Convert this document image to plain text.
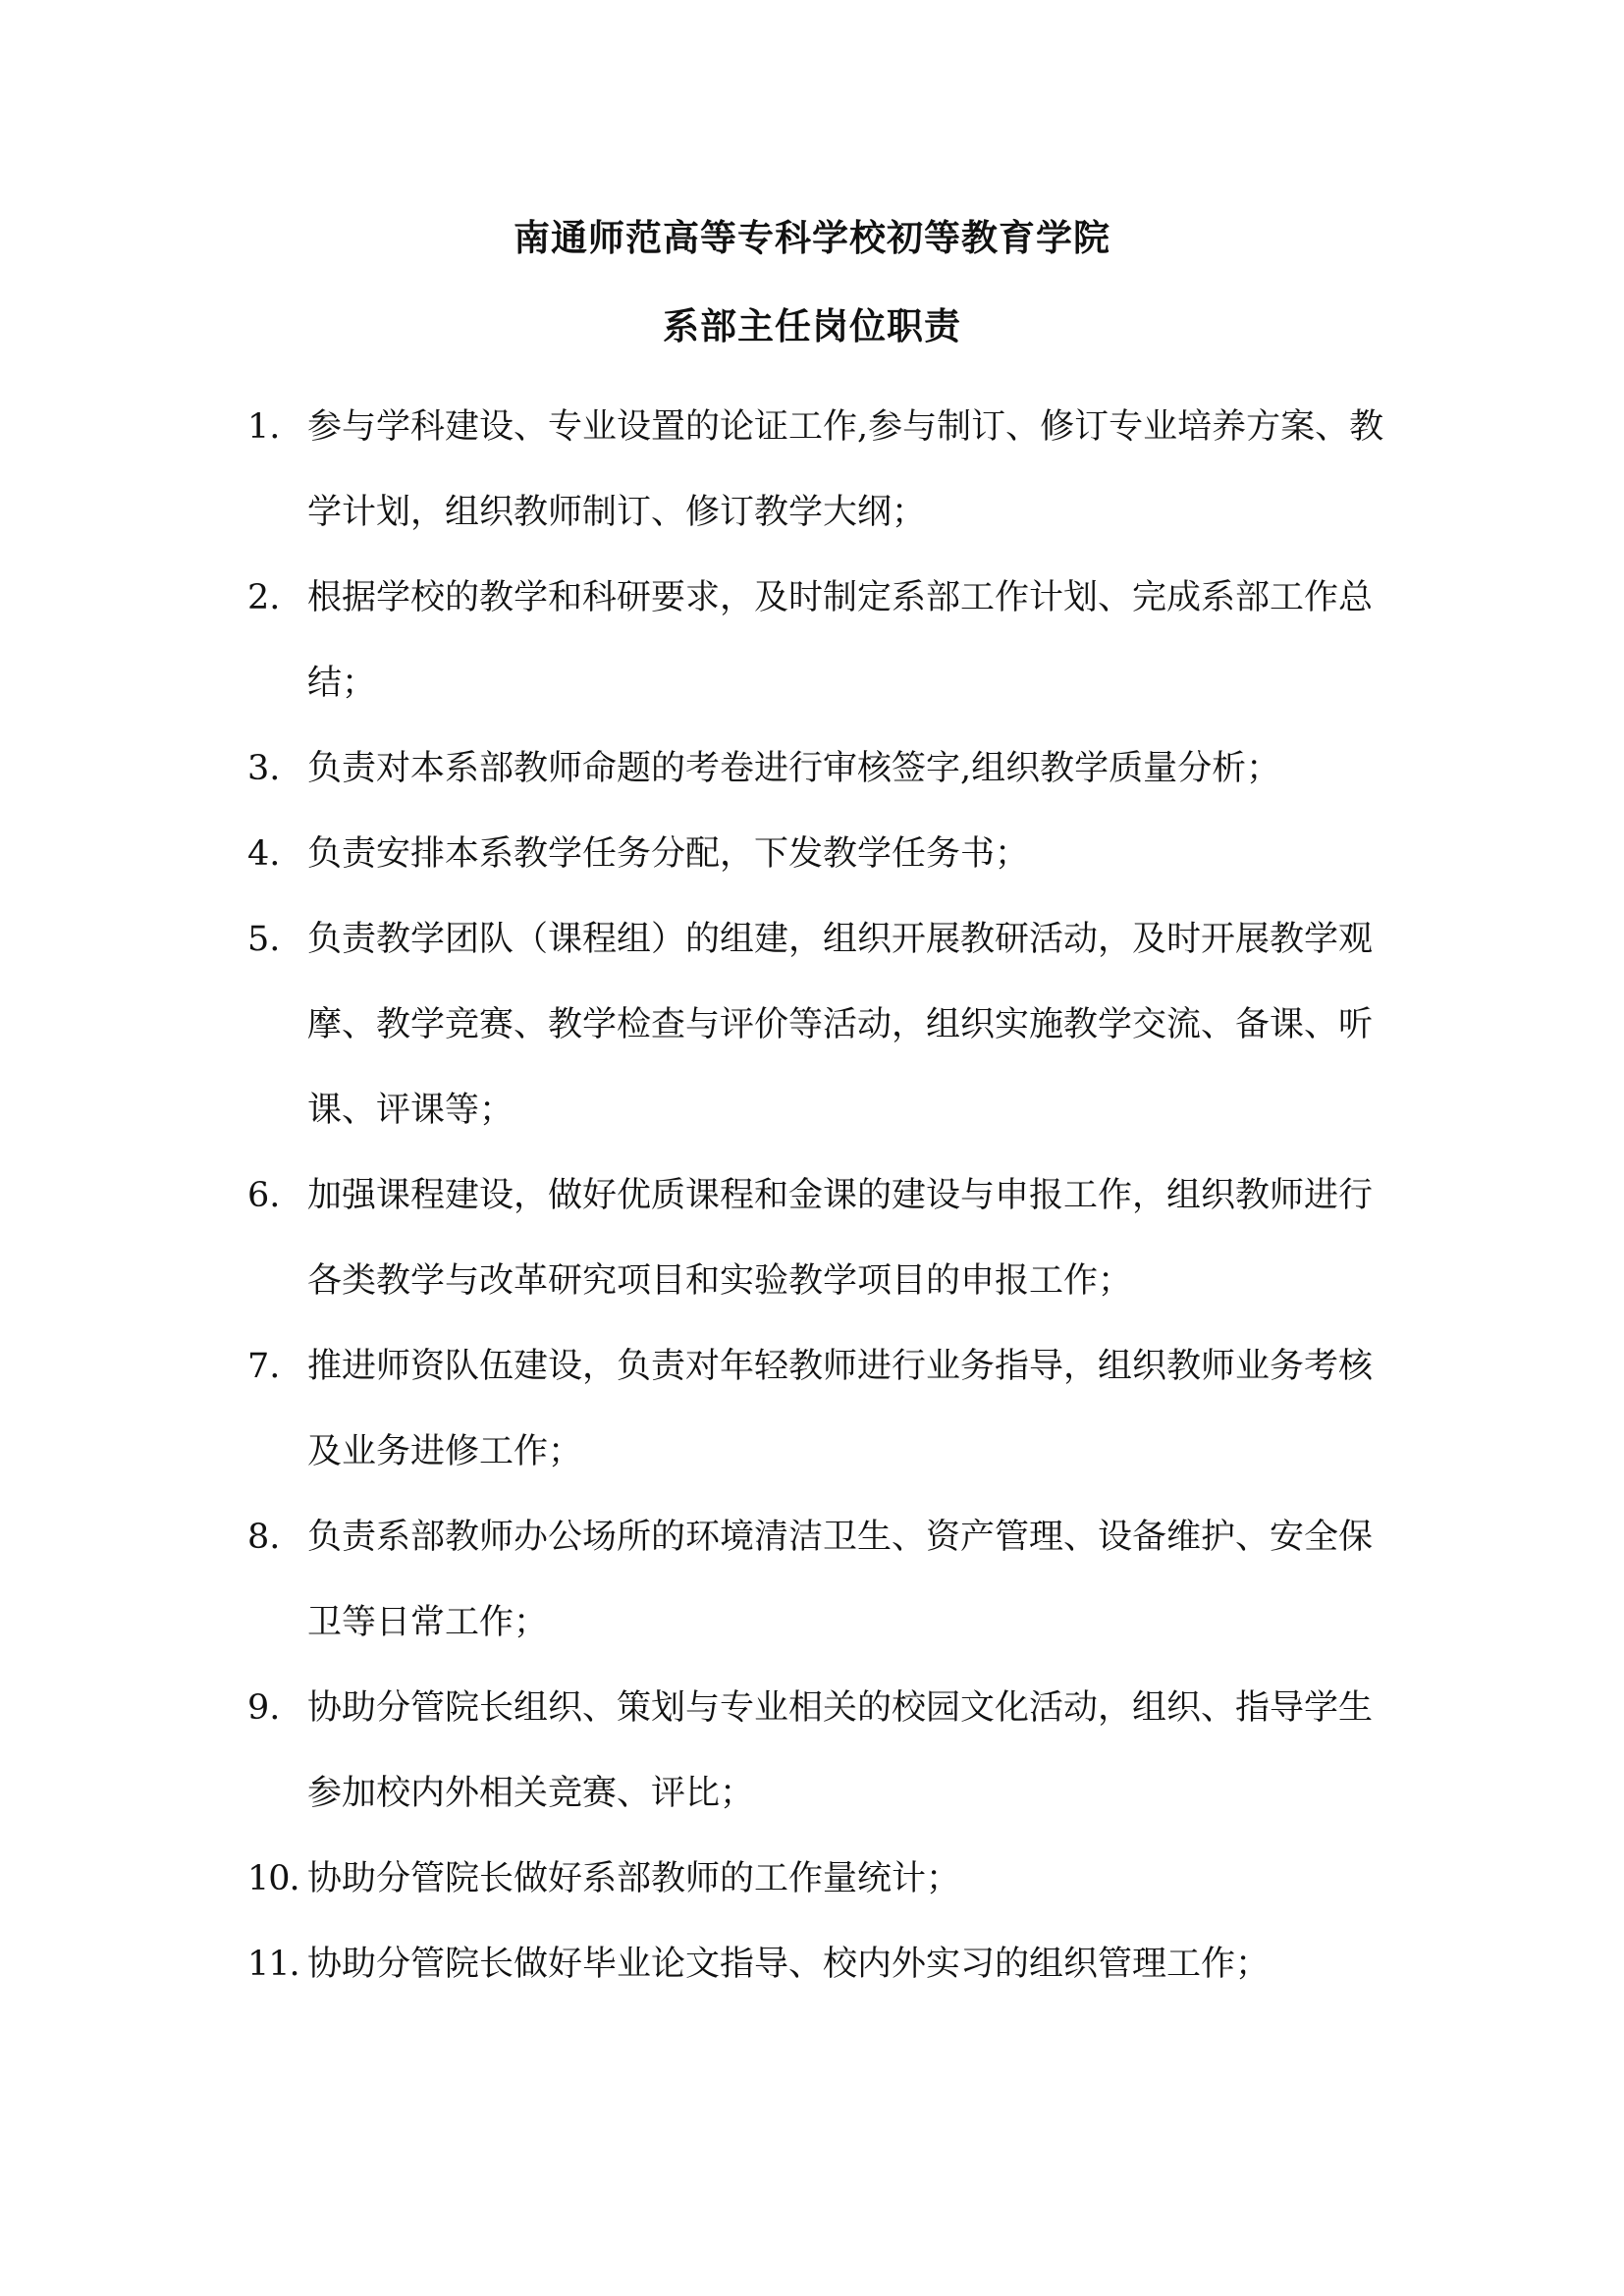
南通师范高等专科学校初等教育学院
系部主任岗位职责
1. 参与学科建设、专业设置的论证工作,参与制订、修订专业培养方案、教学计划，组织教师制订、修订教学大纲；
2. 根据学校的教学和科研要求，及时制定系部工作计划、完成系部工作总结；
3. 负责对本系部教师命题的考卷进行审核签字,组织教学质量分析；
4. 负责安排本系教学任务分配，下发教学任务书；
5. 负责教学团队（课程组）的组建，组织开展教研活动，及时开展教学观摩、教学竞赛、教学检查与评价等活动，组织实施教学交流、备课、听课、评课等；
6. 加强课程建设，做好优质课程和金课的建设与申报工作，组织教师进行各类教学与改革研究项目和实验教学项目的申报工作；
7. 推进师资队伍建设，负责对年轻教师进行业务指导，组织教师业务考核及业务进修工作；
8. 负责系部教师办公场所的环境清洁卫生、资产管理、设备维护、安全保卫等日常工作；
9. 协助分管院长组织、策划与专业相关的校园文化活动，组织、指导学生参加校内外相关竞赛、评比；
10. 协助分管院长做好系部教师的工作量统计；
11. 协助分管院长做好毕业论文指导、校内外实习的组织管理工作；
